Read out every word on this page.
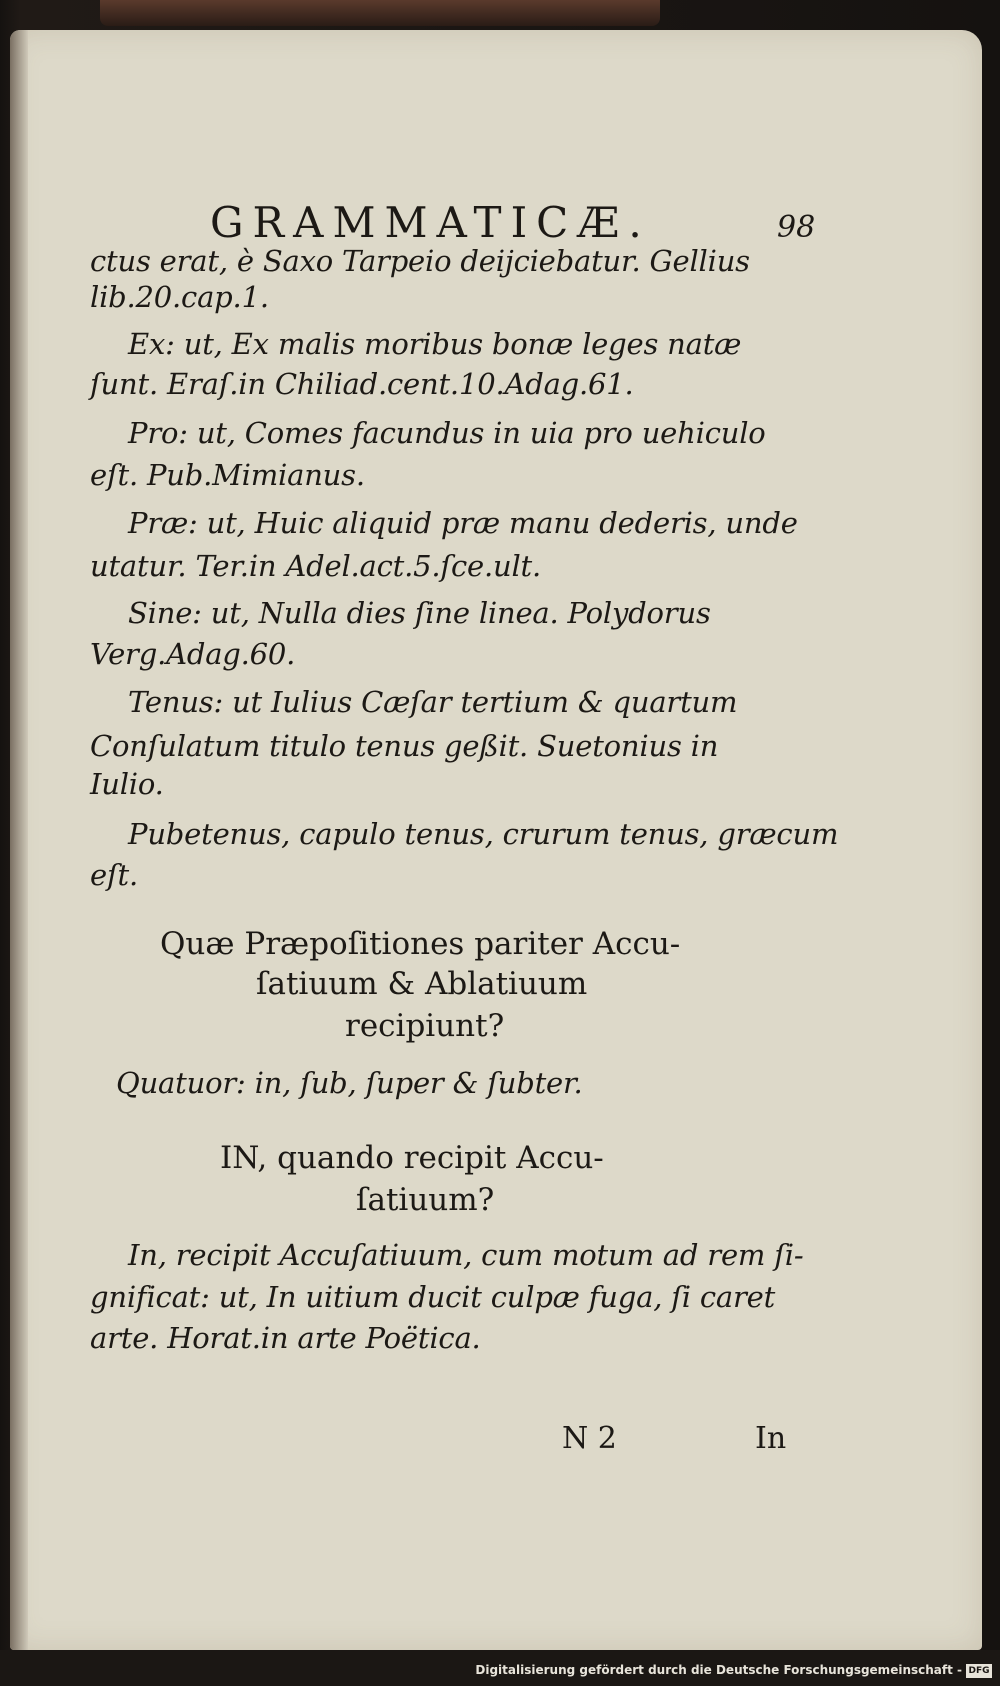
GRAMMATICÆ.	98

ctus erat, è Saxo Tarpeio deijciebatur. Gellius

lib.20.cap.1.

Ex: ut, Ex malis moribus bonæ leges natæ

ſunt. Eraſ.in Chiliad.cent.10.Adag.61.

Pro: ut, Comes facundus in uia pro uehiculo

eſt. Pub.Mimianus.

Præ: ut, Huic aliquid præ manu dederis, unde

utatur. Ter.in Adel.act.5.ſce.ult.

Sine: ut, Nulla dies ſine linea. Polydorus

Verg.Adag.60.

Tenus: ut Iulius Cæſar tertium & quartum

Conſulatum titulo tenus geßit. Suetonius in

Iulio.

Pubetenus, capulo tenus, crurum tenus, græcum

eſt.

Quæ Præpoſitiones pariter Accu-

ſatiuum & Ablatiuum

recipiunt?

Quatuor: in, ſub, ſuper & ſubter.

IN, quando recipit Accu-

ſatiuum?

In, recipit Accuſatiuum, cum motum ad rem ſi-

gnificat: ut, In uitium ducit culpæ fuga, ſi caret

arte. Horat.in arte Poëtica.

N 2	In

Digitalisierung gefördert durch die Deutsche Forschungsgemeinschaft - DFG
